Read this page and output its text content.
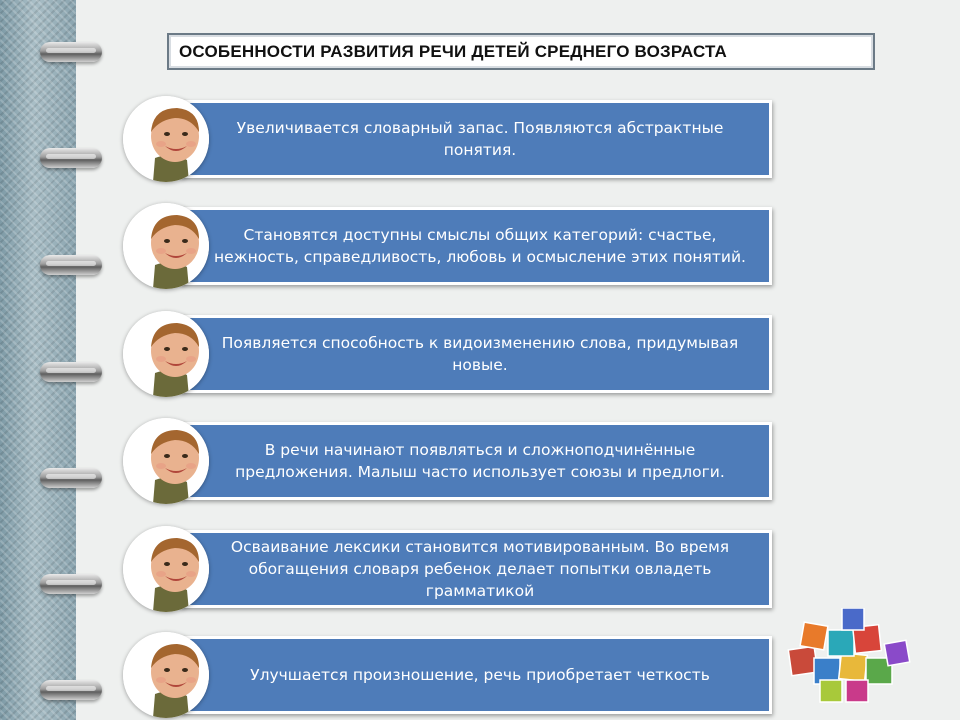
ОСОБЕННОСТИ РАЗВИТИЯ РЕЧИ ДЕТЕЙ СРЕДНЕГО ВОЗРАСТА
Увеличивается словарный запас. Появляются абстрактные понятия.
Становятся доступны смыслы общих категорий: счастье, нежность, справедливость, любовь и осмысление этих понятий.
Появляется способность к видоизменению слова, придумывая новые.
В речи начинают появляться и сложноподчинённые предложения. Малыш часто использует союзы и предлоги.
Осваивание лексики становится мотивированным. Во время обогащения словаря ребенок делает попытки овладеть грамматикой
Улучшается произношение, речь приобретает четкость
